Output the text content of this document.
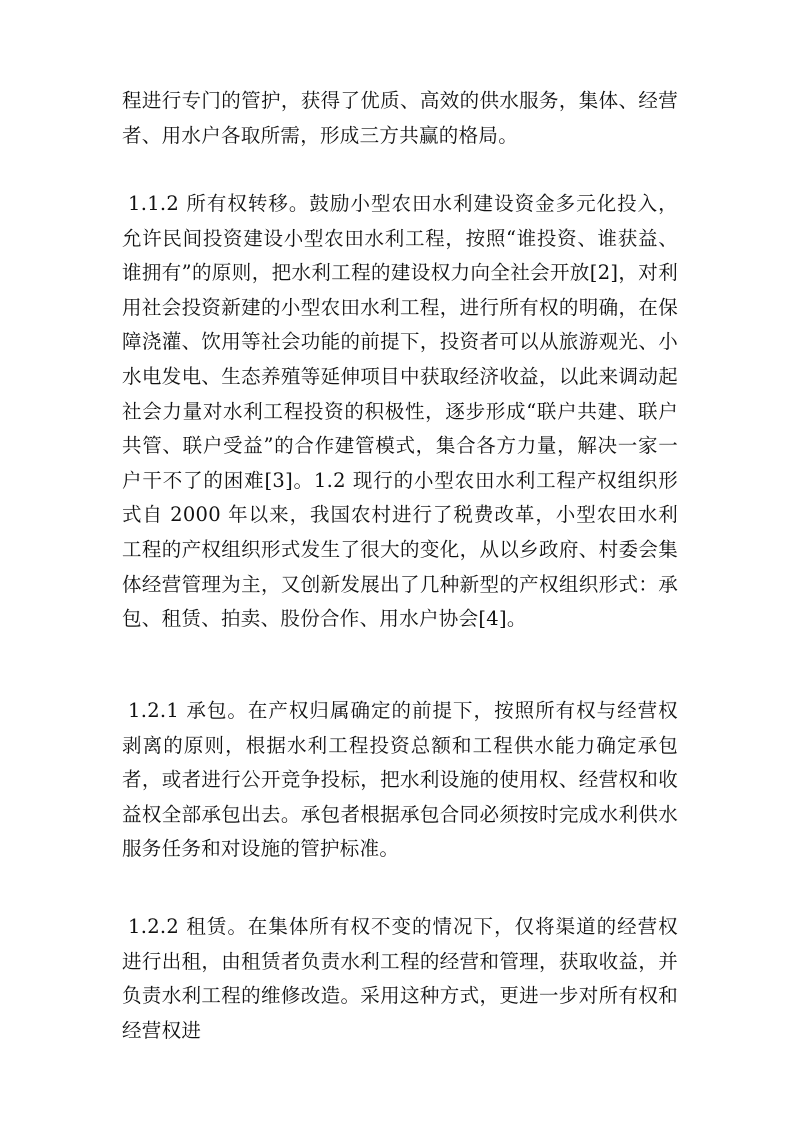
程进行专门的管护，获得了优质、高效的供水服务，集体、经营者、用水户各取所需，形成三方共赢的格局。

1.1.2 所有权转移。鼓励小型农田水利建设资金多元化投入，允许民间投资建设小型农田水利工程，按照“谁投资、谁获益、谁拥有”的原则，把水利工程的建设权力向全社会开放[2]，对利用社会投资新建的小型农田水利工程，进行所有权的明确，在保障浇灌、饮用等社会功能的前提下，投资者可以从旅游观光、小水电发电、生态养殖等延伸项目中获取经济收益，以此来调动起社会力量对水利工程投资的积极性，逐步形成“联户共建、联户共管、联户受益”的合作建管模式，集合各方力量，解决一家一户干不了的困难[3]。1.2 现行的小型农田水利工程产权组织形式自 2000 年以来，我国农村进行了税费改革，小型农田水利工程的产权组织形式发生了很大的变化，从以乡政府、村委会集体经营管理为主，又创新发展出了几种新型的产权组织形式：承包、租赁、拍卖、股份合作、用水户协会[4]。

1.2.1 承包。在产权归属确定的前提下，按照所有权与经营权剥离的原则，根据水利工程投资总额和工程供水能力确定承包者，或者进行公开竞争投标，把水利设施的使用权、经营权和收益权全部承包出去。承包者根据承包合同必须按时完成水利供水服务任务和对设施的管护标准。

1.2.2 租赁。在集体所有权不变的情况下，仅将渠道的经营权进行出租，由租赁者负责水利工程的经营和管理，获取收益，并负责水利工程的维修改造。采用这种方式，更进一步对所有权和经营权进
